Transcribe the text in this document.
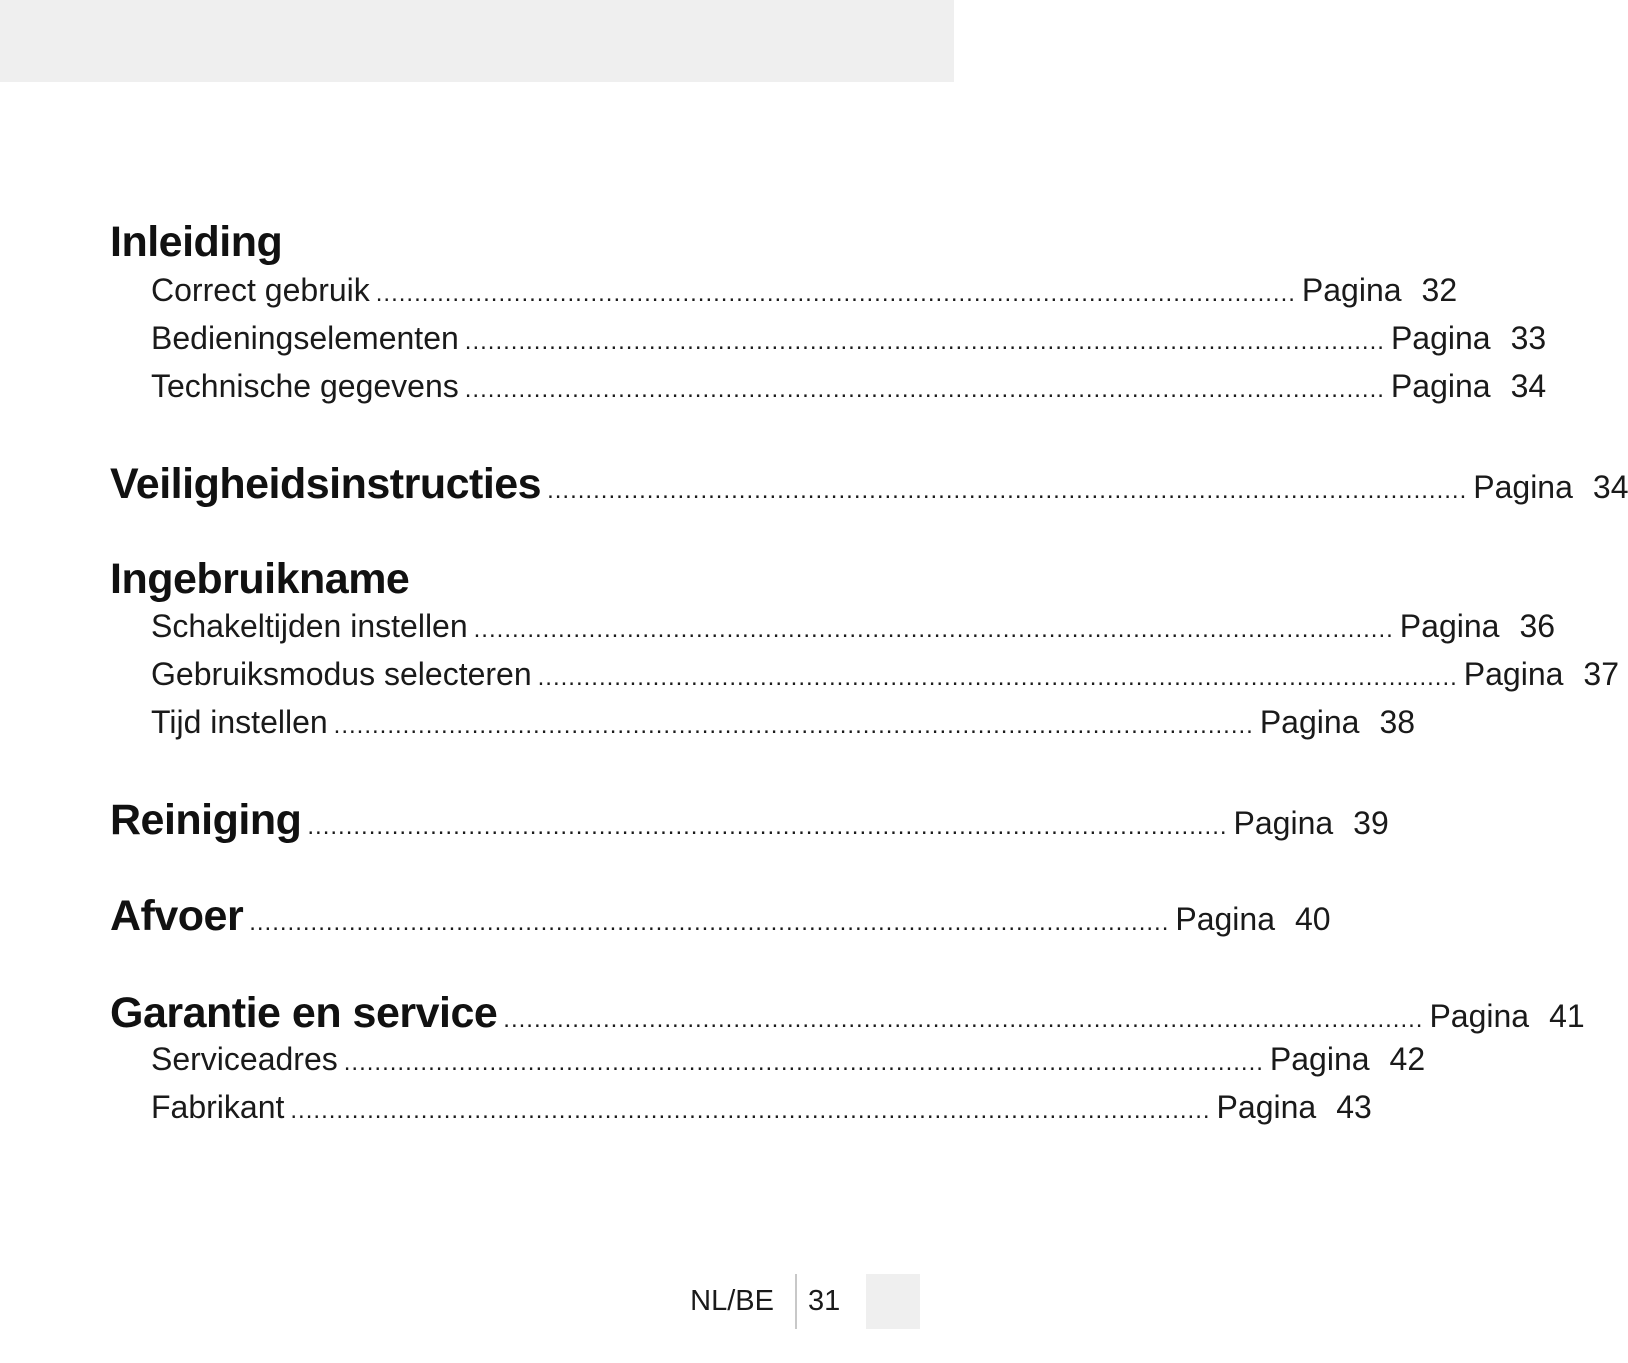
Inleiding
Correct gebruik ........................................................................................................................ Pagina 32
Bedieningselementen ........................................................................................................................ Pagina 33
Technische gegevens ........................................................................................................................ Pagina 34
Veiligheidsinstructies ........................................................................................................................ Pagina 34
Ingebruikname
Schakeltijden instellen ........................................................................................................................ Pagina 36
Gebruiksmodus selecteren ........................................................................................................................ Pagina 37
Tijd instellen ........................................................................................................................ Pagina 38
Reiniging ........................................................................................................................ Pagina 39
Afvoer ........................................................................................................................ Pagina 40
Garantie en service ........................................................................................................................ Pagina 41
Serviceadres ........................................................................................................................ Pagina 42
Fabrikant ........................................................................................................................ Pagina 43
NL/BE 31
